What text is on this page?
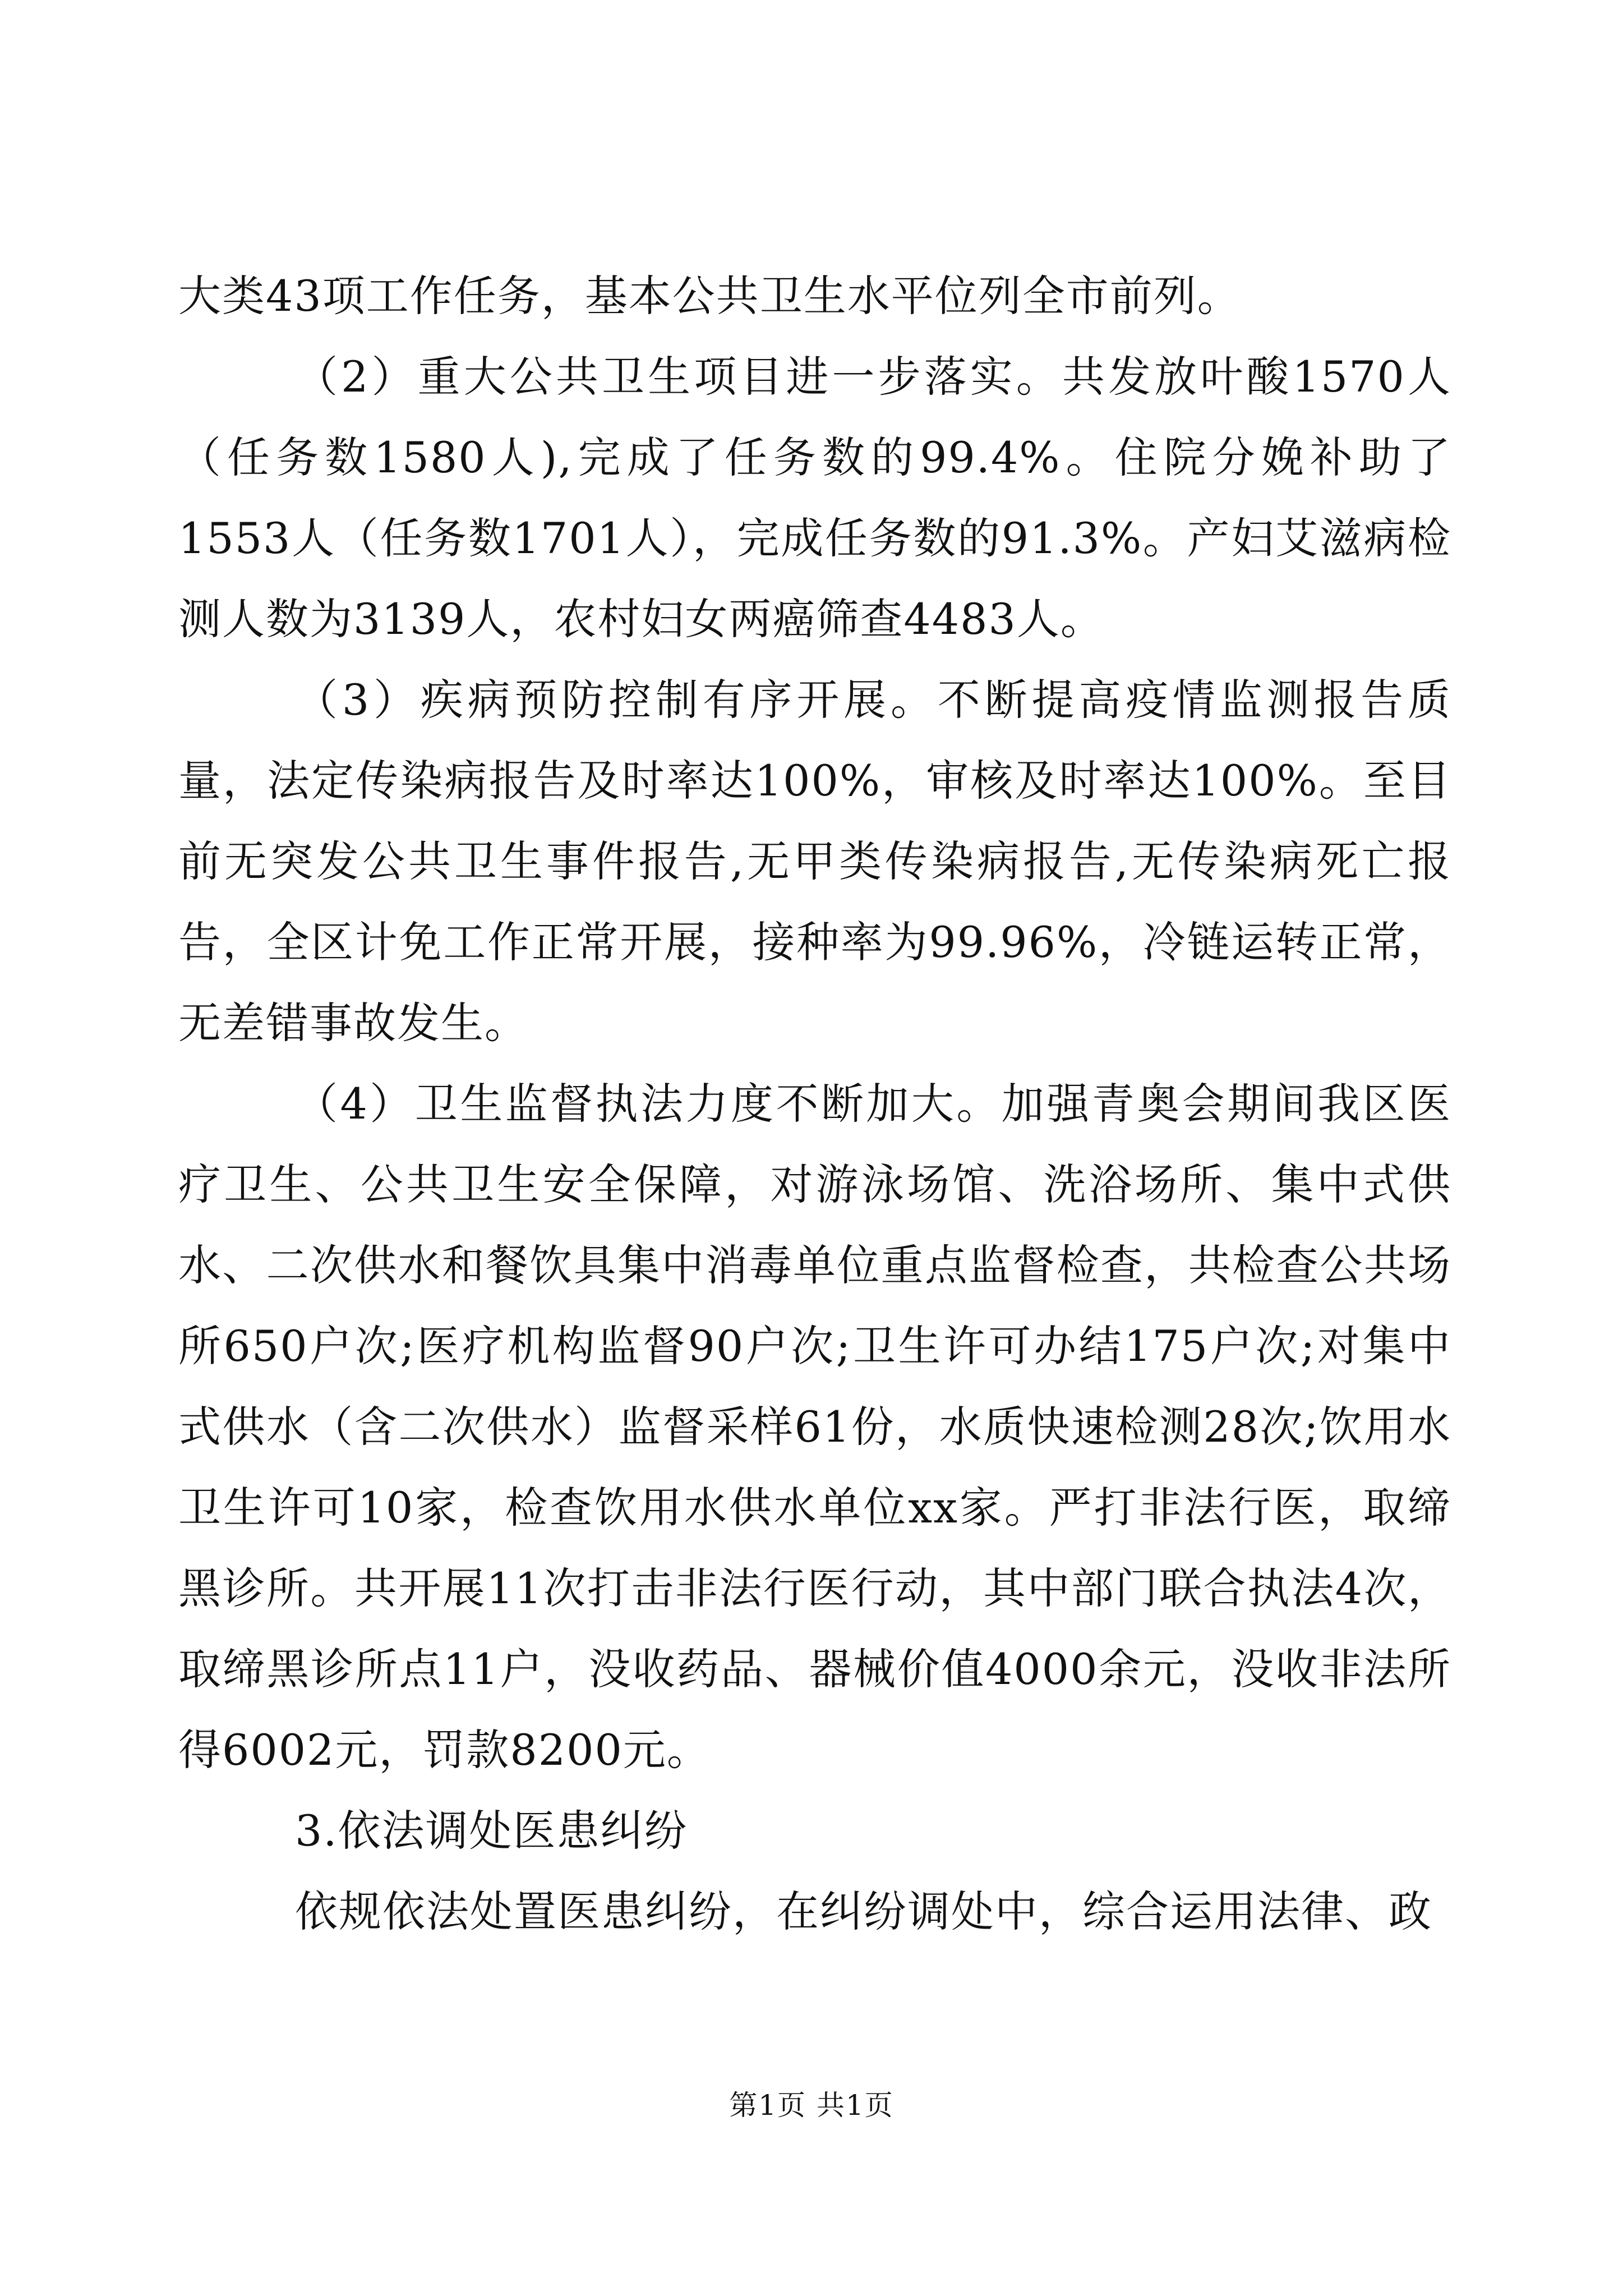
大类43项工作任务，基本公共卫生水平位列全市前列。

（2）重大公共卫生项目进一步落实。共发放叶酸1570人（任务数1580人),完成了任务数的99.4%。住院分娩补助了1553人（任务数1701人），完成任务数的91.3%。产妇艾滋病检测人数为3139人，农村妇女两癌筛查4483人。

（3）疾病预防控制有序开展。不断提高疫情监测报告质量，法定传染病报告及时率达100%，审核及时率达100%。至目前无突发公共卫生事件报告,无甲类传染病报告,无传染病死亡报告，全区计免工作正常开展，接种率为99.96%，冷链运转正常，无差错事故发生。

（4）卫生监督执法力度不断加大。加强青奥会期间我区医疗卫生、公共卫生安全保障，对游泳场馆、洗浴场所、集中式供水、二次供水和餐饮具集中消毒单位重点监督检查，共检查公共场所650户次;医疗机构监督90户次;卫生许可办结175户次;对集中式供水（含二次供水）监督采样61份，水质快速检测28次;饮用水卫生许可10家，检查饮用水供水单位xx家。严打非法行医，取缔黑诊所。共开展11次打击非法行医行动，其中部门联合执法4次，取缔黑诊所点11户，没收药品、器械价值4000余元，没收非法所得6002元，罚款8200元。

3.依法调处医患纠纷

依规依法处置医患纠纷，在纠纷调处中，综合运用法律、政

第1页 共1页
